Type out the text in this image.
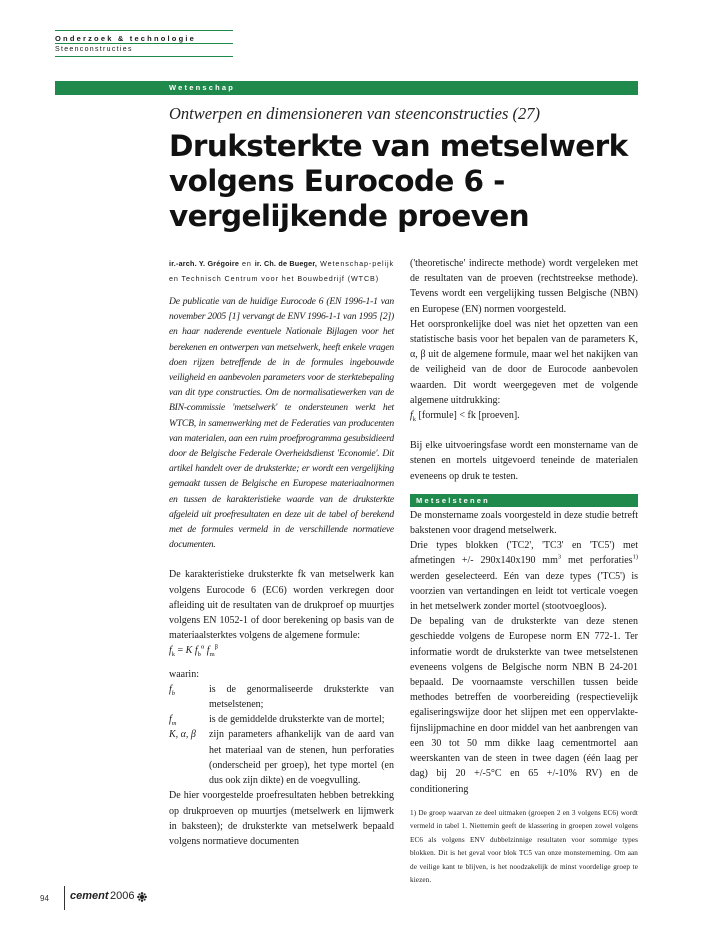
Onderzoek & technologie
Steenconstructies
Wetenschap
Ontwerpen en dimensioneren van steenconstructies (27)
Druksterkte van metselwerk
volgens Eurocode 6 -
vergelijkende proeven

ir.-arch. Y. Grégoire en ir. Ch. de Bueger, Wetenschap-pelijk en Technisch Centrum voor het Bouwbedrijf (WTCB)

De publicatie van de huidige Eurocode 6 (EN 1996-1-1 van november 2005 [1] vervangt de ENV 1996-1-1 van 1995 [2]) en haar naderende eventuele Nationale Bijlagen voor het berekenen en ontwerpen van metselwerk, heeft enkele vragen doen rijzen betreffende de in de formules ingebouwde veiligheid en aanbevolen parameters voor de sterktebepaling van dit type constructies. Om de normalisatiewerken van de BIN-commissie 'metselwerk' te ondersteunen werkt het WTCB, in samenwerking met de Federaties van producenten van materialen, aan een ruim proefprogramma gesubsidieerd door de Belgische Federale Overheidsdienst 'Economie'. Dit artikel handelt over de druksterkte; er wordt een vergelijking gemaakt tussen de Belgische en Europese materiaalnormen en tussen de karakteristieke waarde van de druksterkte afgeleid uit proefresultaten en deze uit de tabel of berekend met de formules vermeld in de verschillende normatieve documenten.

De karakteristieke druksterkte fk van metselwerk kan volgens Eurocode 6 (EC6) worden verkregen door afleiding uit de resultaten van de drukproef op muurtjes volgens EN 1052-1 of door berekening op basis van de materiaalsterktes volgens de algemene formule:

$f_k = K$ $f_b^\alpha$ $f_m^\beta$

waarin:

$f_b$	is de genormaliseerde druksterkte van metselstenen;
$f_m$	is de gemiddelde druksterkte van de mortel;
K, α, β	zijn parameters afhankelijk van de aard van het materiaal van de stenen, hun perforaties (onderscheid per groep), het type mortel (en dus ook zijn dikte) en de voegvulling.

De hier voorgestelde proefresultaten hebben betrekking op drukproeven op muurtjes (metselwerk en lijmwerk in baksteen); de druksterkte van metselwerk bepaald volgens normatieve documenten

('theoretische' indirecte methode) wordt vergeleken met de resultaten van de proeven (rechtstreekse methode). Tevens wordt een vergelijking tussen Belgische (NBN) en Europese (EN) normen voorgesteld.

Het oorspronkelijke doel was niet het opzetten van een statistische basis voor het bepalen van de parameters K, α, β uit de algemene formule, maar wel het nakijken van de veiligheid van de door de Eurocode aanbevolen waarden. Dit wordt weergegeven met de volgende algemene uitdrukking:

$f_k$ [formule] < fk [proeven].

Bij elke uitvoeringsfase wordt een monstername van de stenen en mortels uitgevoerd teneinde de materialen eveneens op druk te testen.

Metselstenen

De monstername zoals voorgesteld in deze studie betreft bakstenen voor dragend metselwerk.

Drie types blokken ('TC2', 'TC3' en 'TC5') met afmetingen +/- 290x140x190 $mm^3$ met perforaties$^{1)}$ werden geselecteerd. Eén van deze types ('TC5') is voorzien van vertandingen en leidt tot verticale voegen in het metselwerk zonder mortel (stootvoegloos).

De bepaling van de druksterkte van deze stenen geschiedde volgens de Europese norm EN 772-1. Ter informatie wordt de druksterkte van twee metselstenen eveneens volgens de Belgische norm NBN B 24-201 bepaald. De voornaamste verschillen tussen beide methodes betreffen de voorbereiding (respectievelijk egaliseringswijze door het slijpen met een oppervlakte-fijnslijpmachine en door middel van het aanbrengen van een 30 tot 50 mm dikke laag cementmortel aan weerskanten van de steen in twee dagen (één laag per dag) bij 20 +/-5°C en 65 +/-10% RV) en de conditionering

1) De groep waarvan ze deel uitmaken (groepen 2 en 3 volgens EC6) wordt vermeld in tabel 1. Niettemin geeft de klassering in groepen zowel volgens EC6 als volgens ENV dubbelzinnige resultaten voor sommige types blokken. Dit is het geval voor blok TC5 van onze monsterneming. Om aan de veilige kant te blijven, is het noodzakelijk de minst voordelige groep te kiezen.

94 cement 2006
